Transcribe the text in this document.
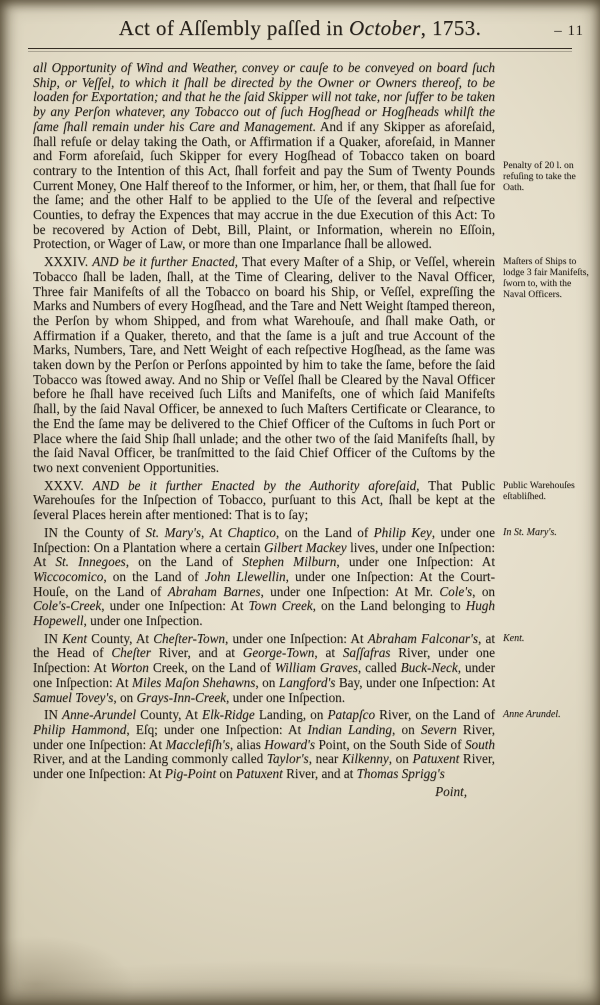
Act of Aſſembly paſſed in October, 1753.	– 11

all Opportunity of Wind and Weather, convey or cauſe to be conveyed on board ſuch Ship, or Veſſel, to which it ſhall be directed by the Owner or Owners thereof, to be loaden for Exportation; and that he the ſaid Skipper will not take, nor ſuffer to be taken by any Perſon whatever, any Tobacco out of ſuch Hogſhead or Hogſheads whilſt the ſame ſhall remain under his Care and Management. And if any Skipper as aforeſaid, ſhall refuſe or delay taking the Oath, or Affirmation if a Quaker, aforeſaid, in Manner and Form aforeſaid, ſuch Skipper for every Hogſhead of Tobacco taken on board contrary to the Intention of this Act, ſhall forfeit and pay the Sum of Twenty Pounds Current Money, One Half thereof to the Informer, or him, her, or them, that ſhall ſue for the ſame; and the other Half to be applied to the Uſe of the ſeveral and reſpective Counties, to defray the Expences that may accrue in the due Execution of this Act: To be recovered by Action of Debt, Bill, Plaint, or Information, wherein no Eſſoin, Protection, or Wager of Law, or more than one Imparlance ſhall be allowed.

Penalty of 20 l. on refuſing to take the Oath.

XXXIV. AND be it further Enacted, That every Maſter of a Ship, or Veſſel, wherein Tobacco ſhall be laden, ſhall, at the Time of Clearing, deliver to the Naval Officer, Three fair Manifeſts of all the Tobacco on board his Ship, or Veſſel, expreſſing the Marks and Numbers of every Hogſhead, and the Tare and Nett Weight ſtamped thereon, the Perſon by whom Shipped, and from what Warehouſe, and ſhall make Oath, or Affirmation if a Quaker, thereto, and that the ſame is a juſt and true Account of the Marks, Numbers, Tare, and Nett Weight of each reſpective Hogſhead, as the ſame was taken down by the Perſon or Perſons appointed by him to take the ſame, before the ſaid Tobacco was ſtowed away. And no Ship or Veſſel ſhall be Cleared by the Naval Officer before he ſhall have received ſuch Liſts and Manifeſts, one of which ſaid Manifeſts ſhall, by the ſaid Naval Officer, be annexed to ſuch Maſters Certificate or Clearance, to the End the ſame may be delivered to the Chief Officer of the Cuſtoms in ſuch Port or Place where the ſaid Ship ſhall unlade; and the other two of the ſaid Manifeſts ſhall, by the ſaid Naval Officer, be tranſmitted to the ſaid Chief Officer of the Cuſtoms by the two next convenient Opportunities.

Maſters of Ships to lodge 3 fair Manifeſts, ſworn to, with the Naval Officers.

XXXV. AND be it further Enacted by the Authority aforeſaid, That Public Warehouſes for the Inſpection of Tobacco, purſuant to this Act, ſhall be kept at the ſeveral Places herein after mentioned: That is to ſay;

Public Warehouſes eſtabliſhed.

IN the County of St. Mary's, At Chaptico, on the Land of Philip Key, under one Inſpection: On a Plantation where a certain Gilbert Mackey lives, under one Inſpection: At St. Innegoes, on the Land of Stephen Milburn, under one Inſpection: At Wiccocomico, on the Land of John Llewellin, under one Inſpection: At the Court-Houſe, on the Land of Abraham Barnes, under one Inſpection: At Mr. Cole's, on Cole's-Creek, under one Inſpection: At Town Creek, on the Land belonging to Hugh Hopewell, under one Inſpection.

In St. Mary's.

IN Kent County, At Cheſter-Town, under one Inſpection: At Abraham Falconar's, at the Head of Cheſter River, and at George-Town, at Saſſafras River, under one Inſpection: At Worton Creek, on the Land of William Graves, called Buck-Neck, under one Inſpection: At Miles Maſon Shehawns, on Langford's Bay, under one Inſpection: At Samuel Tovey's, on Grays-Inn-Creek, under one Inſpection.

Kent.

IN Anne-Arundel County, At Elk-Ridge Landing, on Patapſco River, on the Land of Philip Hammond, Eſq; under one Inſpection: At Indian Landing, on Severn River, under one Inſpection: At Macclefiſh's, alias Howard's Point, on the South Side of South River, and at the Landing commonly called Taylor's, near Kilkenny, on Patuxent River, under one Inſpection: At Pig-Point on Patuxent River, and at Thomas Sprigg's

Anne Arundel.
Point,
